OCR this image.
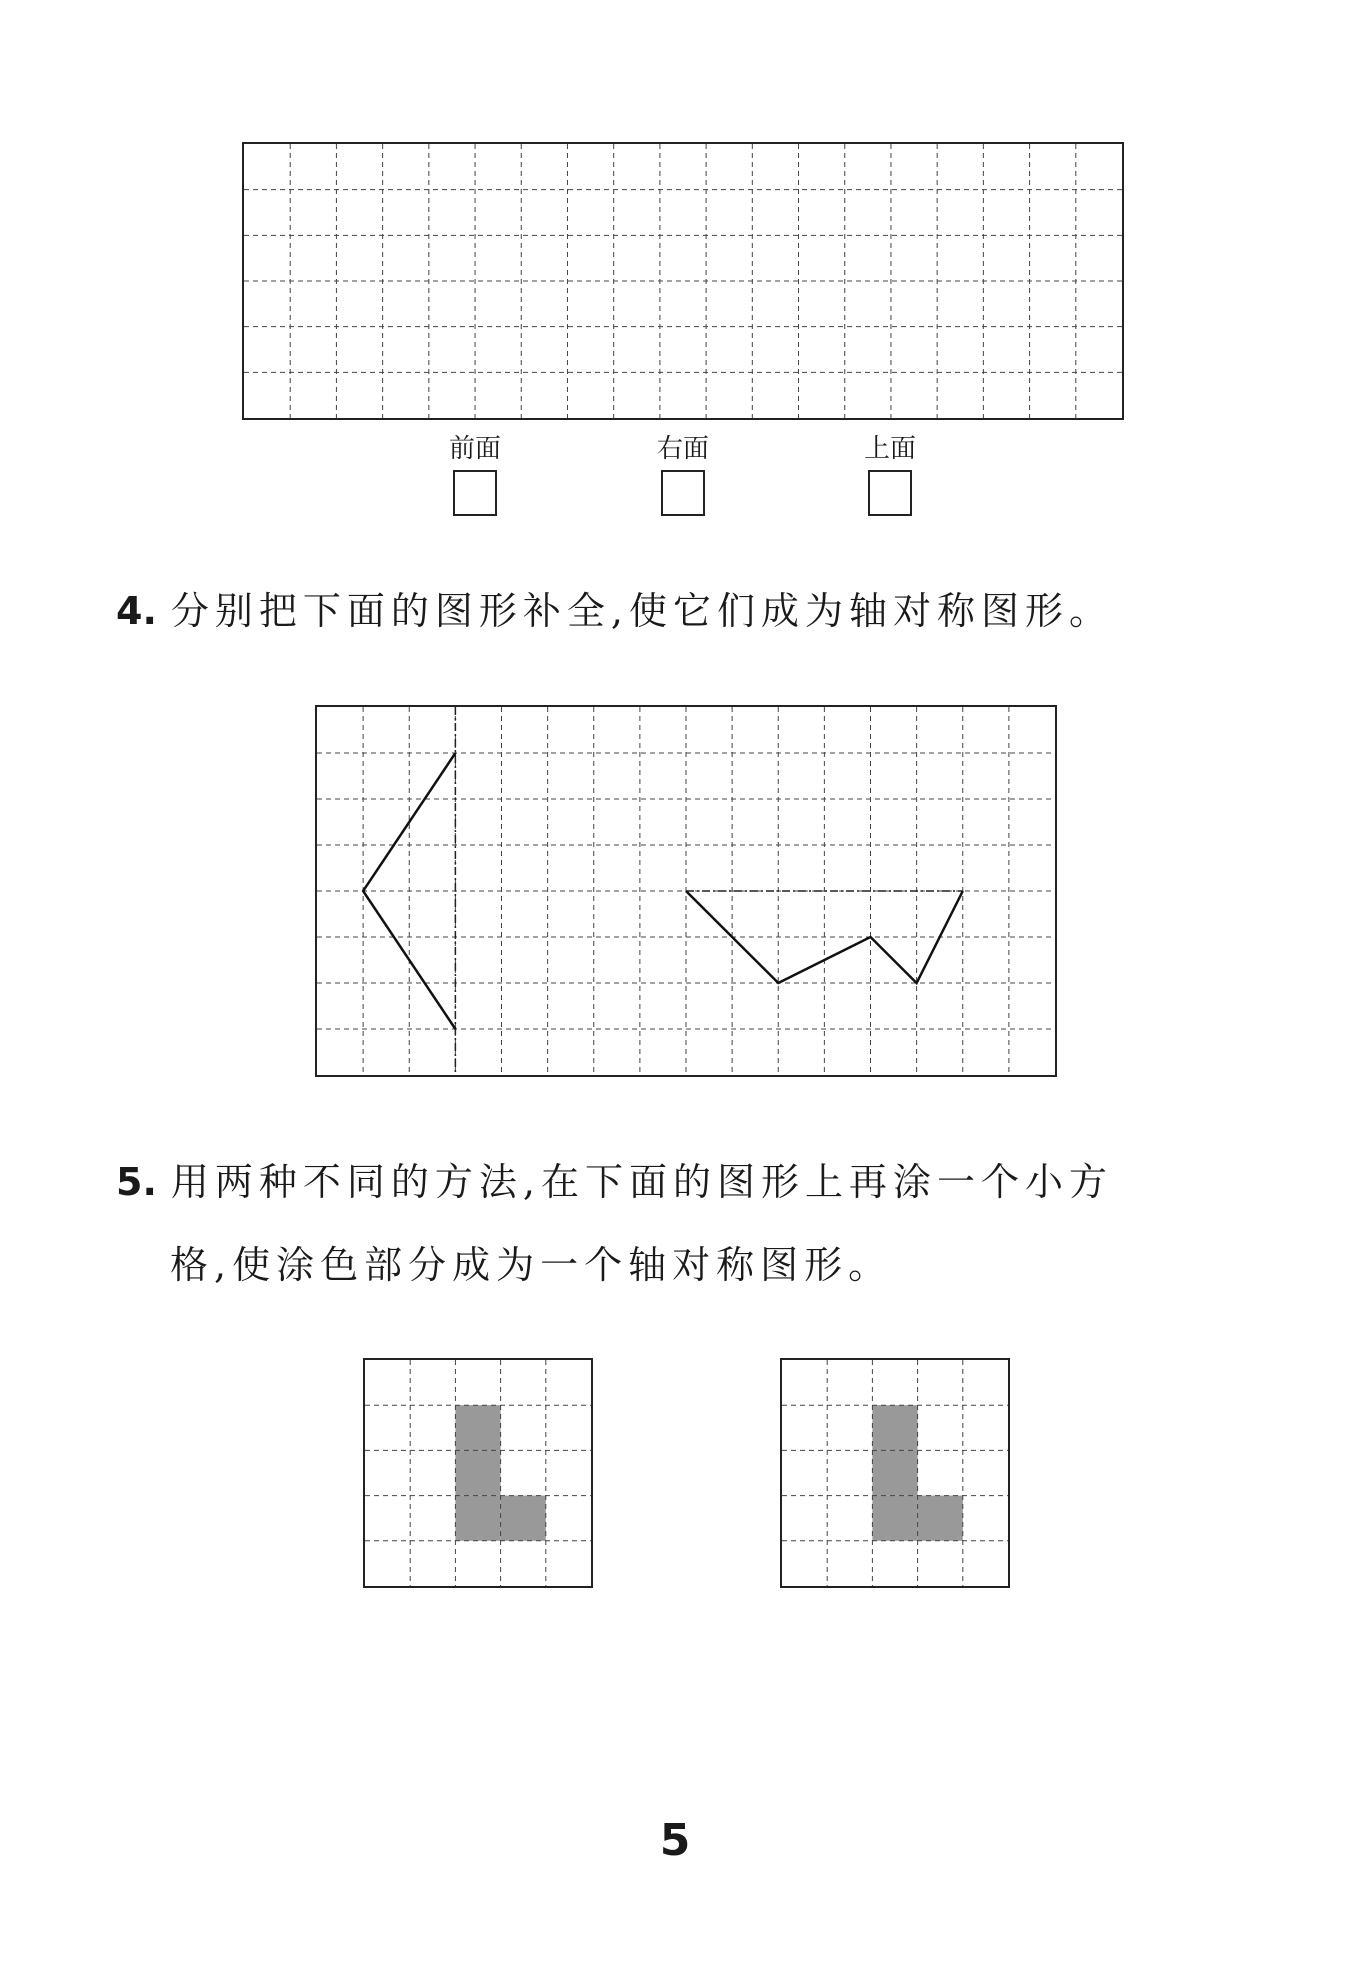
前面	右面	上面
4. 分别把下面的图形补全,使它们成为轴对称图形。
5. 用两种不同的方法,在下面的图形上再涂一个小方
格,使涂色部分成为一个轴对称图形。
5
